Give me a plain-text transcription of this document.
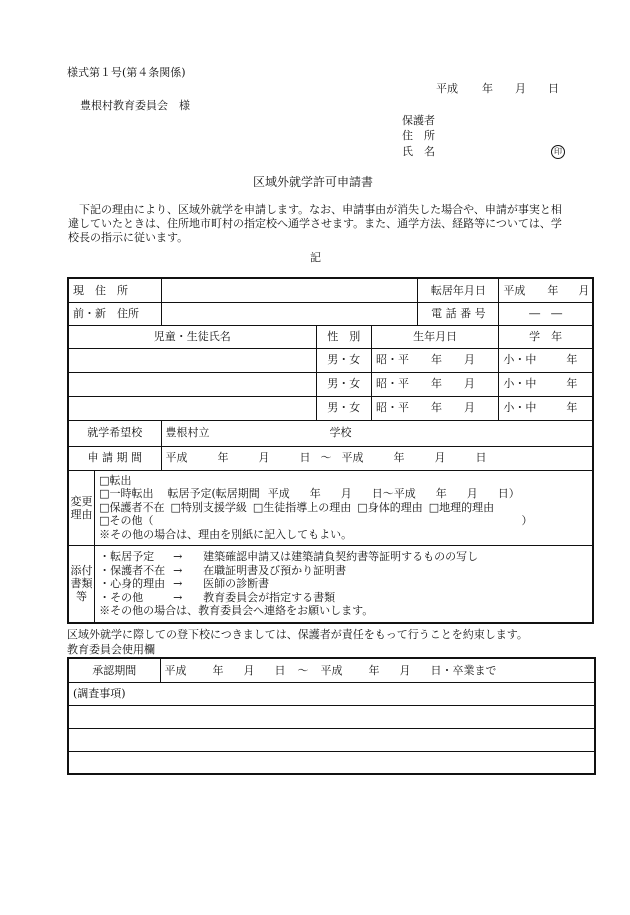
様式第１号(第４条関係)
平成 年 月 日
豊根村教育委員会　様
保護者
住　所
氏　名	印
区域外就学許可申請書
　下記の理由により、区域外就学を申請します。なお、申請事由が消失した場合や、申請が事実と相違していたときは、住所地市町村の指定校へ通学させます。また、通学方法、経路等については、学校長の指示に従います。
記
現　住　所					転居年月日	平成 年 月
前・新　住所					電 話 番 号	―　―
児童・生徒氏名			性　別	生年月日		学　年
			男・女	昭・平 年 月		小・中 年
			男・女	昭・平 年 月		小・中 年
			男・女	昭・平 年 月		小・中 年
就学希望校		豊根村立 学校				
申 請 期 間		平成 年 月 日 ～ 平成 年 月 日				
変更理由	□転出
□一時転出 転居予定(転居期間 平成 年 月 日～平成 年 月 日）
□保護者不在 □特別支援学級 □生徒指導上の理由 □身体的理由 □地理的理由
□その他（ ）
※その他の場合は、理由を別紙に記入してもよい。					

添付書類等	・転居予定 → 建築確認申請又は建築請負契約書等証明するものの写し
・保護者不在 → 在職証明書及び預かり証明書
・心身的理由 → 医師の診断書
・その他 → 教育委員会が指定する書類
※その他の場合は、教育委員会へ連絡をお願いします。					
区域外就学に際しての登下校につきましては、保護者が責任をもって行うことを約束します。
教育委員会使用欄
承認期間	平成 年 月 日 ～ 平成 年 月 日・卒業まで
(調査事項)
